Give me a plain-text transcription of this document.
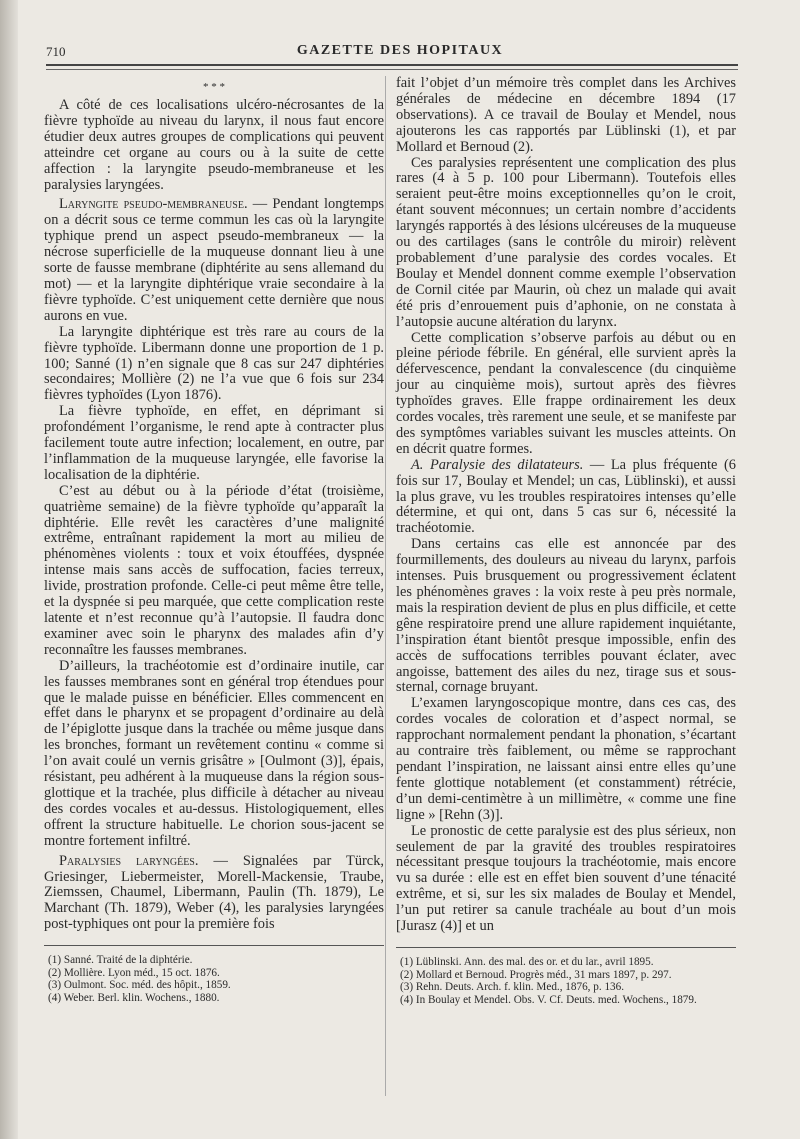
710	GAZETTE DES HOPITAUX
* * *

A côté de ces localisations ulcéro-nécrosantes de la fièvre typhoïde au niveau du larynx, il nous faut encore étudier deux autres groupes de complications qui peuvent atteindre cet organe au cours ou à la suite de cette affection : la laryngite pseudo-membraneuse et les paralysies laryngées.

Laryngite pseudo-membraneuse. — Pendant longtemps on a décrit sous ce terme commun les cas où la laryngite typhique prend un aspect pseudo-membraneux — la nécrose superficielle de la muqueuse donnant lieu à une sorte de fausse membrane (diphtérite au sens allemand du mot) — et la laryngite diphtérique vraie secondaire à la fièvre typhoïde. C’est uniquement cette dernière que nous aurons en vue.

La laryngite diphtérique est très rare au cours de la fièvre typhoïde. Libermann donne une proportion de 1 p. 100; Sanné (1) n’en signale que 8 cas sur 247 diphtéries secondaires; Mollière (2) ne l’a vue que 6 fois sur 234 fièvres typhoïdes (Lyon 1876).

La fièvre typhoïde, en effet, en déprimant si profondément l’organisme, le rend apte à contracter plus facilement toute autre infection; localement, en outre, par l’inflammation de la muqueuse laryngée, elle favorise la localisation de la diphtérie.

C’est au début ou à la période d’état (troisième, quatrième semaine) de la fièvre typhoïde qu’apparaît la diphtérie. Elle revêt les caractères d’une malignité extrême, entraînant rapidement la mort au milieu de phénomènes violents : toux et voix étouffées, dyspnée intense mais sans accès de suffocation, facies terreux, livide, prostration profonde. Celle-ci peut même être telle, et la dyspnée si peu marquée, que cette complication reste latente et n’est reconnue qu’à l’autopsie. Il faudra donc examiner avec soin le pharynx des malades afin d’y reconnaître les fausses membranes.

D’ailleurs, la trachéotomie est d’ordinaire inutile, car les fausses membranes sont en général trop étendues pour que le malade puisse en bénéficier. Elles commencent en effet dans le pharynx et se propagent d’ordinaire au delà de l’épiglotte jusque dans la trachée ou même jusque dans les bronches, formant un revêtement continu « comme si l’on avait coulé un vernis grisâtre » [Oulmont (3)], épais, résistant, peu adhérent à la muqueuse dans la région sous-glottique et la trachée, plus difficile à détacher au niveau des cordes vocales et au-dessus. Histologiquement, elles offrent la structure habituelle. Le chorion sous-jacent se montre fortement infiltré.

Paralysies laryngées. — Signalées par Türck, Griesinger, Liebermeister, Morell-Mackensie, Traube, Ziemssen, Chaumel, Libermann, Paulin (Th. 1879), Le Marchant (Th. 1879), Weber (4), les paralysies laryngées post-typhiques ont pour la première fois

(1) Sanné. Traité de la diphtérie.

(2) Mollière. Lyon méd., 15 oct. 1876.

(3) Oulmont. Soc. méd. des hôpit., 1859.

(4) Weber. Berl. klin. Wochens., 1880.

fait l’objet d’un mémoire très complet dans les Archives générales de médecine en décembre 1894 (17 observations). A ce travail de Boulay et Mendel, nous ajouterons les cas rapportés par Lüblinski (1), et par Mollard et Bernoud (2).

Ces paralysies représentent une complication des plus rares (4 à 5 p. 100 pour Libermann). Toutefois elles seraient peut-être moins exceptionnelles qu’on le croit, étant souvent méconnues; un certain nombre d’accidents laryngés rapportés à des lésions ulcéreuses de la muqueuse ou des cartilages (sans le contrôle du miroir) relèvent probablement d’une paralysie des cordes vocales. Et Boulay et Mendel donnent comme exemple l’observation de Cornil citée par Maurin, où chez un malade qui avait été pris d’enrouement puis d’aphonie, on ne constata à l’autopsie aucune altération du larynx.

Cette complication s’observe parfois au début ou en pleine période fébrile. En général, elle survient après la défervescence, pendant la convalescence (du cinquième jour au cinquième mois), surtout après des fièvres typhoïdes graves. Elle frappe ordinairement les deux cordes vocales, très rarement une seule, et se manifeste par des symptômes variables suivant les muscles atteints. On en décrit quatre formes.

A. Paralysie des dilatateurs. — La plus fréquente (6 fois sur 17, Boulay et Mendel; un cas, Lüblinski), et aussi la plus grave, vu les troubles respiratoires intenses qu’elle détermine, et qui ont, dans 5 cas sur 6, nécessité la trachéotomie.

Dans certains cas elle est annoncée par des fourmillements, des douleurs au niveau du larynx, parfois intenses. Puis brusquement ou progressivement éclatent les phénomènes graves : la voix reste à peu près normale, mais la respiration devient de plus en plus difficile, et cette gêne respiratoire prend une allure rapidement inquiétante, l’inspiration étant bientôt presque impossible, enfin des accès de suffocations terribles pouvant éclater, avec angoisse, battement des ailes du nez, tirage sus et sous-sternal, cornage bruyant.

L’examen laryngoscopique montre, dans ces cas, des cordes vocales de coloration et d’aspect normal, se rapprochant normalement pendant la phonation, s’écartant au contraire très faiblement, ou même se rapprochant pendant l’inspiration, ne laissant ainsi entre elles qu’une fente glottique notablement (et constamment) rétrécie, d’un demi-centimètre à un millimètre, « comme une fine ligne » [Rehn (3)].

Le pronostic de cette paralysie est des plus sérieux, non seulement de par la gravité des troubles respiratoires nécessitant presque toujours la trachéotomie, mais encore vu sa durée : elle est en effet bien souvent d’une ténacité extrême, et si, sur les six malades de Boulay et Mendel, l’un put retirer sa canule trachéale au bout d’un mois [Jurasz (4)] et un

(1) Lüblinski. Ann. des mal. des or. et du lar., avril 1895.

(2) Mollard et Bernoud. Progrès méd., 31 mars 1897, p. 297.

(3) Rehn. Deuts. Arch. f. klin. Med., 1876, p. 136.

(4) In Boulay et Mendel. Obs. V. Cf. Deuts. med. Wochens., 1879.
